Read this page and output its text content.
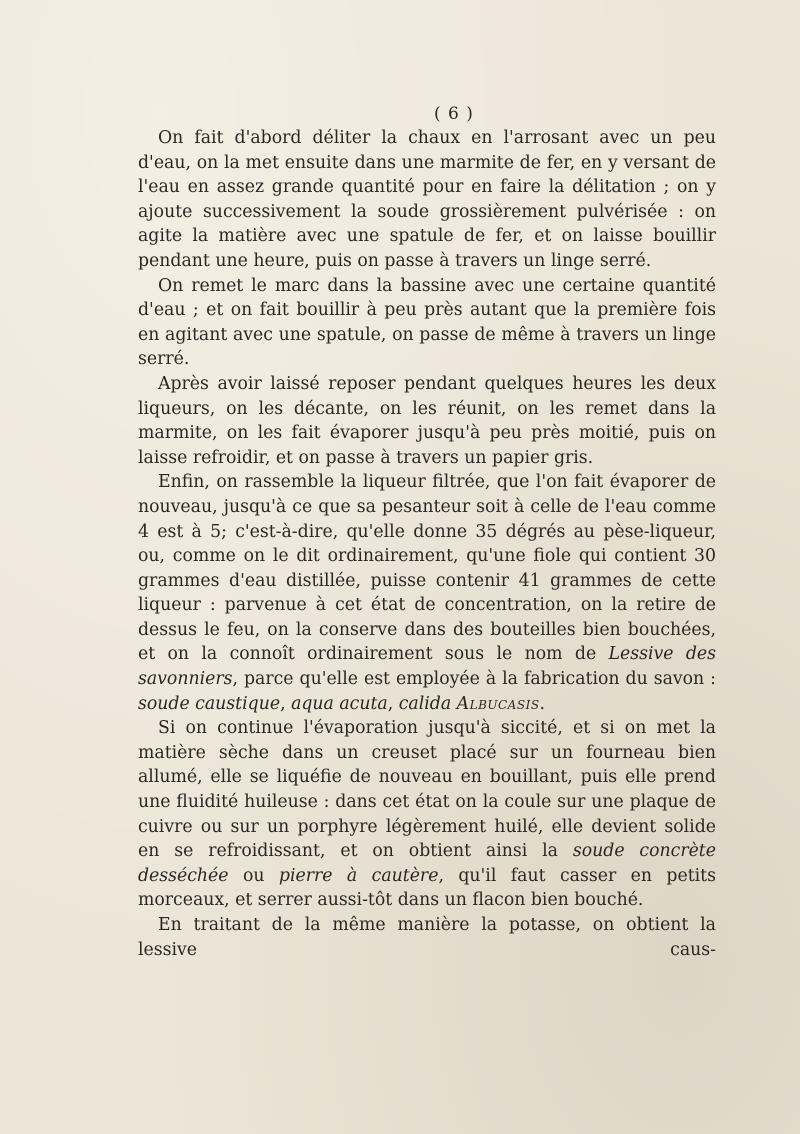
( 6 )

On fait d'abord déliter la chaux en l'arrosant avec un peu d'eau, on la met ensuite dans une marmite de fer, en y versant de l'eau en assez grande quantité pour en faire la délitation ; on y ajoute successivement la soude grossièrement pulvérisée : on agite la matière avec une spatule de fer, et on laisse bouillir pendant une heure, puis on passe à travers un linge serré.

On remet le marc dans la bassine avec une certaine quantité d'eau ; et on fait bouillir à peu près autant que la première fois en agitant avec une spatule, on passe de même à travers un linge serré.

Après avoir laissé reposer pendant quelques heures les deux liqueurs, on les décante, on les réunit, on les remet dans la marmite, on les fait évaporer jusqu'à peu près moitié, puis on laisse refroidir, et on passe à travers un papier gris.

Enfin, on rassemble la liqueur filtrée, que l'on fait évaporer de nouveau, jusqu'à ce que sa pesanteur soit à celle de l'eau comme 4 est à 5; c'est-à-dire, qu'elle donne 35 dégrés au pèse-liqueur, ou, comme on le dit ordinairement, qu'une fiole qui contient 30 grammes d'eau distillée, puisse contenir 41 grammes de cette liqueur : parvenue à cet état de concentration, on la retire de dessus le feu, on la conserve dans des bouteilles bien bouchées, et on la connoît ordinairement sous le nom de Lessive des savonniers, parce qu'elle est employée à la fabrication du savon : soude caustique, aqua acuta, calida Albucasis.

Si on continue l'évaporation jusqu'à siccité, et si on met la matière sèche dans un creuset placé sur un fourneau bien allumé, elle se liquéfie de nouveau en bouillant, puis elle prend une fluidité huileuse : dans cet état on la coule sur une plaque de cuivre ou sur un porphyre légèrement huilé, elle devient solide en se refroidissant, et on obtient ainsi la soude concrète desséchée ou pierre à cautère, qu'il faut casser en petits morceaux, et serrer aussi-tôt dans un flacon bien bouché.

En traitant de la même manière la potasse, on obtient la lessive caus-
